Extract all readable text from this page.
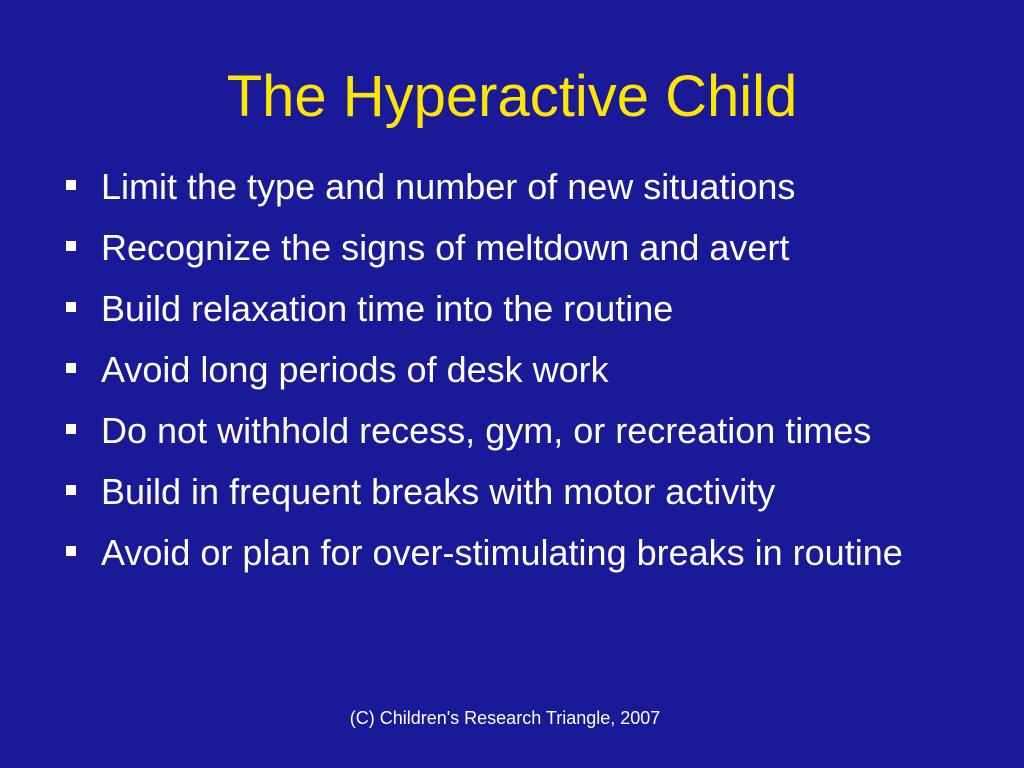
The Hyperactive Child
Limit the type and number of new situations
Recognize the signs of meltdown and avert
Build relaxation time into the routine
Avoid long periods of desk work
Do not withhold recess, gym, or recreation times
Build in frequent breaks with motor activity
Avoid or plan for over-stimulating breaks in routine
(C) Children's Research Triangle, 2007
